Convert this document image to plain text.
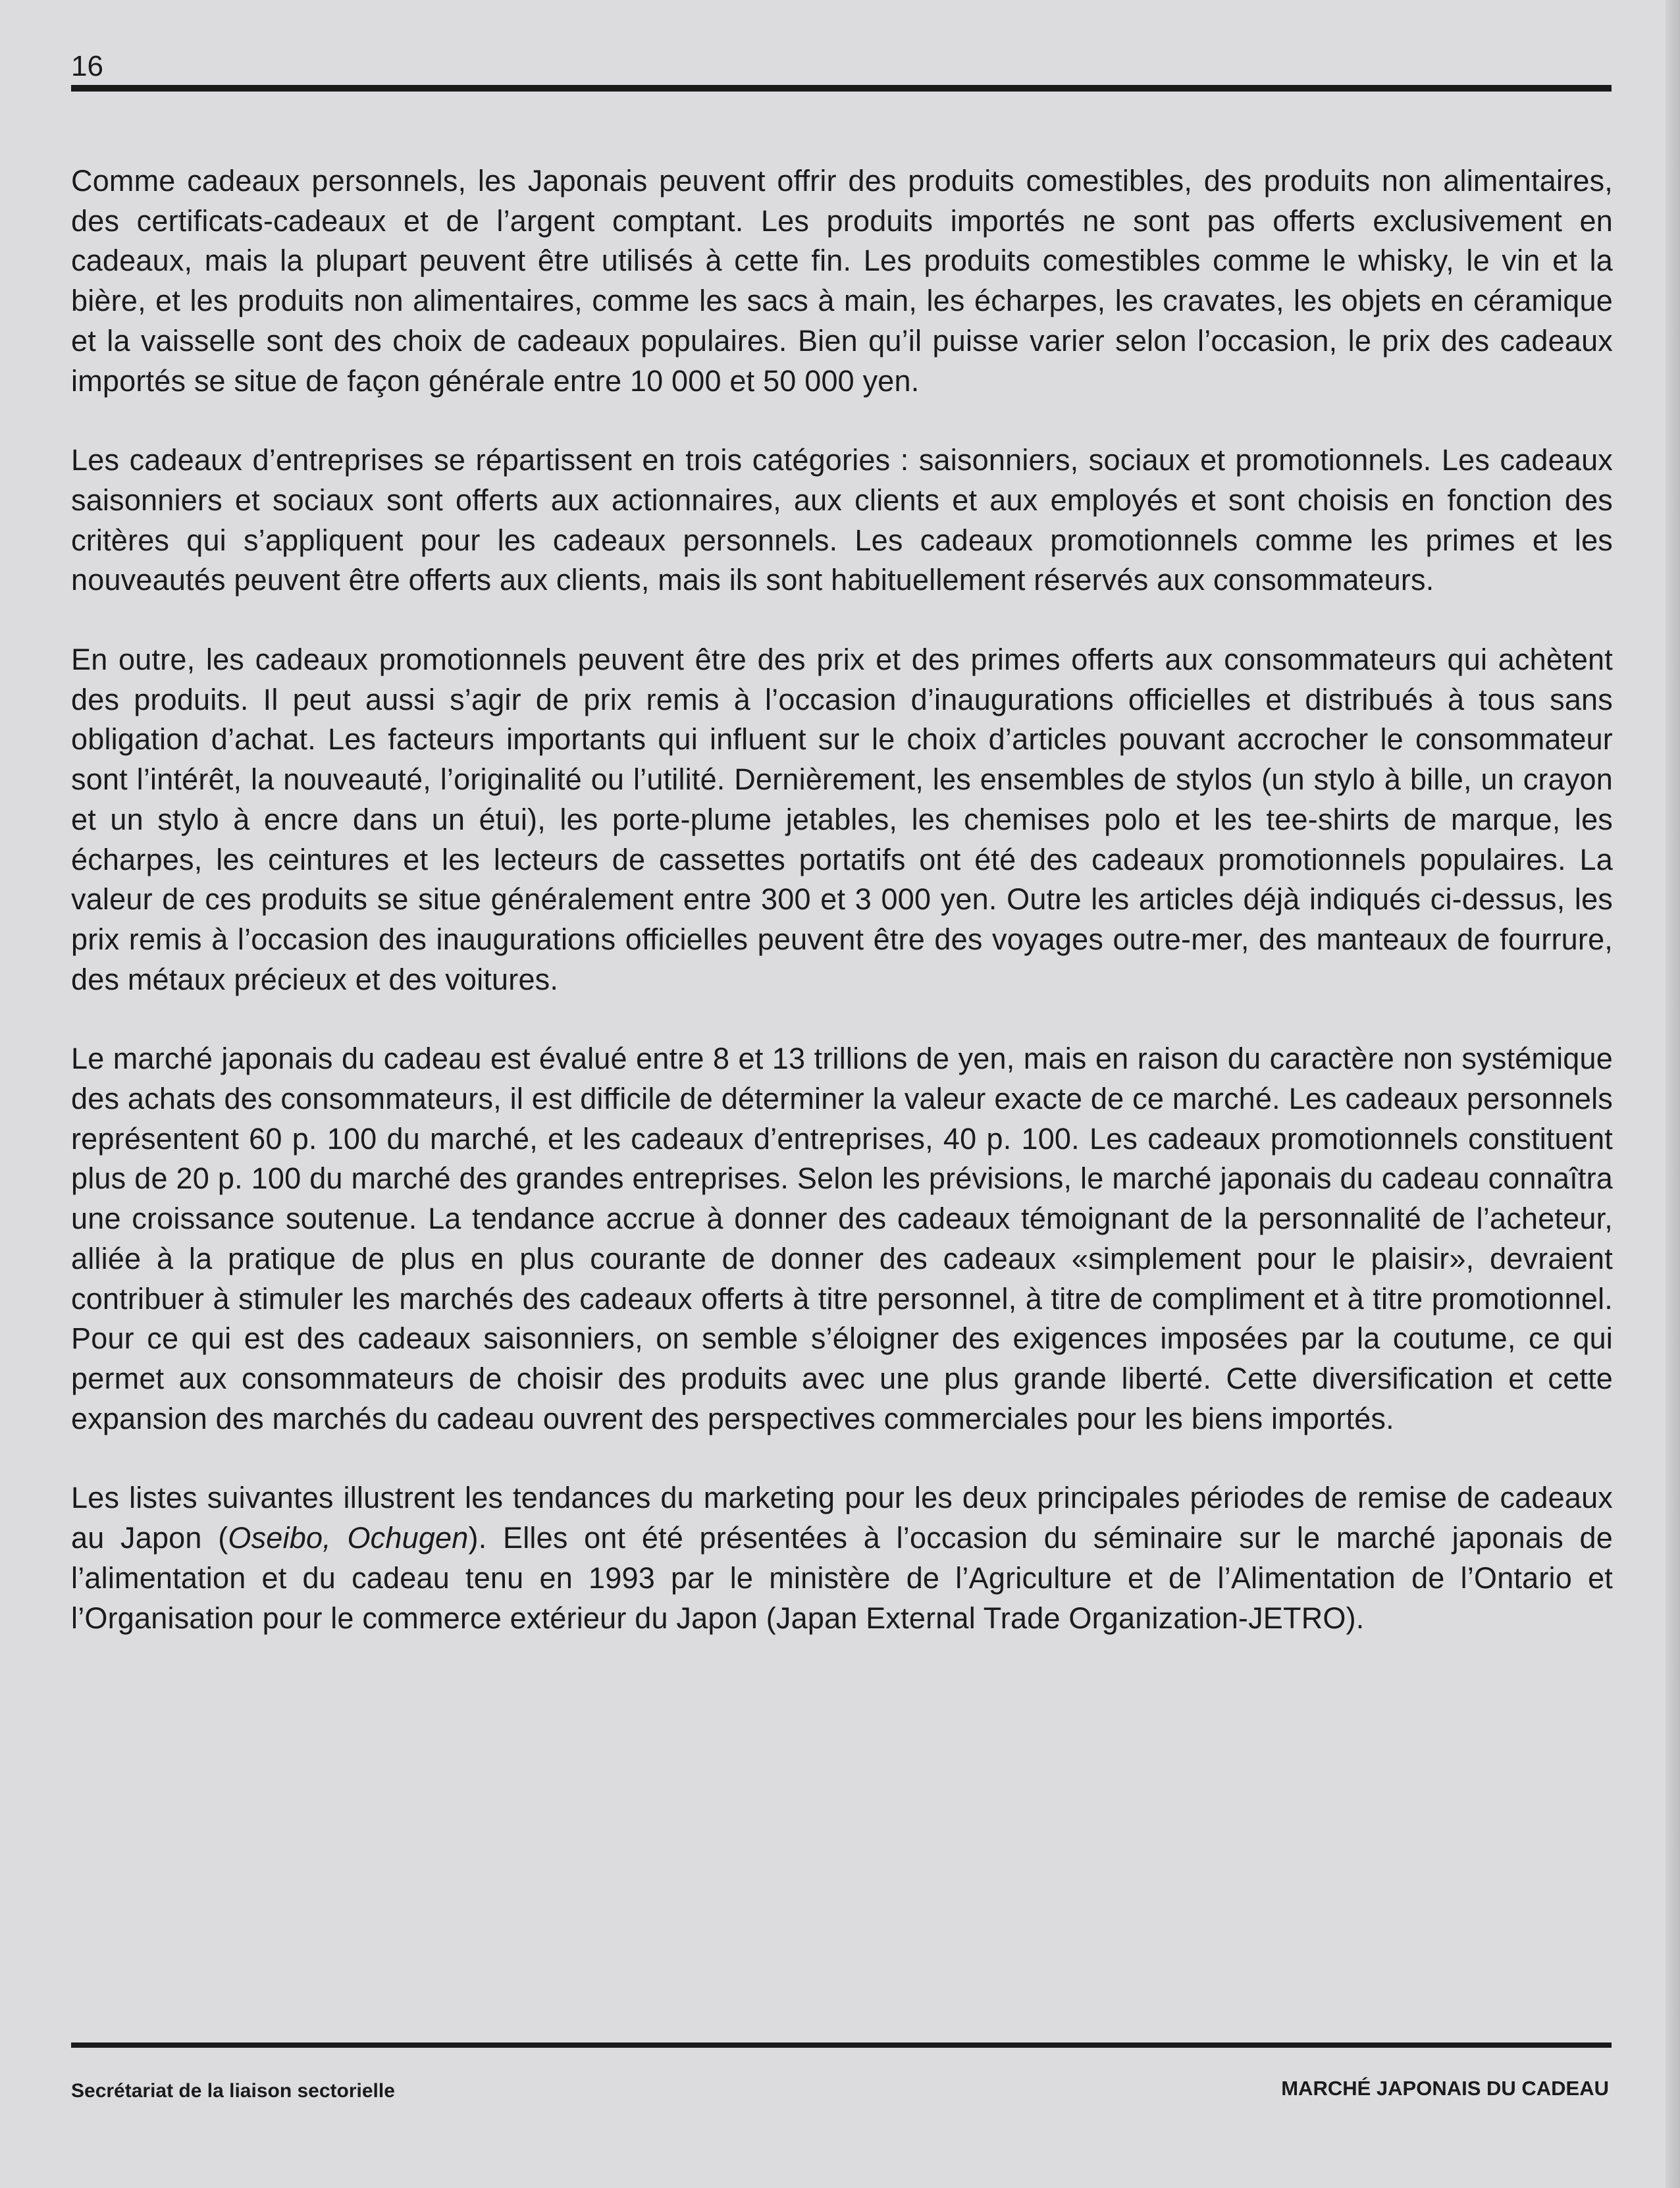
16

Comme cadeaux personnels, les Japonais peuvent offrir des produits comestibles, des produits non alimentaires, des certificats-cadeaux et de l’argent comptant. Les produits importés ne sont pas offerts exclusivement en cadeaux, mais la plupart peuvent être utilisés à cette fin. Les produits comestibles comme le whisky, le vin et la bière, et les produits non alimentaires, comme les sacs à main, les écharpes, les cravates, les objets en céramique et la vaisselle sont des choix de cadeaux populaires. Bien qu’il puisse varier selon l’occasion, le prix des cadeaux importés se situe de façon générale entre 10 000 et 50 000 yen.

Les cadeaux d’entreprises se répartissent en trois catégories : saisonniers, sociaux et promotionnels. Les cadeaux saisonniers et sociaux sont offerts aux actionnaires, aux clients et aux employés et sont choisis en fonction des critères qui s’appliquent pour les cadeaux personnels. Les cadeaux promotionnels comme les primes et les nouveautés peuvent être offerts aux clients, mais ils sont habituellement réservés aux consommateurs.

En outre, les cadeaux promotionnels peuvent être des prix et des primes offerts aux consommateurs qui achètent des produits. Il peut aussi s’agir de prix remis à l’occasion d’inaugurations officielles et distribués à tous sans obligation d’achat. Les facteurs importants qui influent sur le choix d’articles pouvant accrocher le consommateur sont l’intérêt, la nouveauté, l’originalité ou l’utilité. Dernièrement, les ensembles de stylos (un stylo à bille, un crayon et un stylo à encre dans un étui), les porte-plume jetables, les chemises polo et les tee-shirts de marque, les écharpes, les ceintures et les lecteurs de cassettes portatifs ont été des cadeaux promotionnels populaires. La valeur de ces produits se situe généralement entre 300 et 3 000 yen. Outre les articles déjà indiqués ci-dessus, les prix remis à l’occasion des inaugurations officielles peuvent être des voyages outre-mer, des manteaux de fourrure, des métaux précieux et des voitures.

Le marché japonais du cadeau est évalué entre 8 et 13 trillions de yen, mais en raison du caractère non systémique des achats des consommateurs, il est difficile de déterminer la valeur exacte de ce marché. Les cadeaux personnels représentent 60 p. 100 du marché, et les cadeaux d’entreprises, 40 p. 100. Les cadeaux promotionnels constituent plus de 20 p. 100 du marché des grandes entreprises. Selon les prévisions, le marché japonais du cadeau connaîtra une croissance soutenue. La tendance accrue à donner des cadeaux témoignant de la personnalité de l’acheteur, alliée à la pratique de plus en plus courante de donner des cadeaux «simplement pour le plaisir», devraient contribuer à stimuler les marchés des cadeaux offerts à titre personnel, à titre de compliment et à titre promotionnel. Pour ce qui est des cadeaux saisonniers, on semble s’éloigner des exigences imposées par la coutume, ce qui permet aux consommateurs de choisir des produits avec une plus grande liberté. Cette diversification et cette expansion des marchés du cadeau ouvrent des perspectives commerciales pour les biens importés.

Les listes suivantes illustrent les tendances du marketing pour les deux principales périodes de remise de cadeaux au Japon (Oseibo, Ochugen). Elles ont été présentées à l’occasion du séminaire sur le marché japonais de l’alimentation et du cadeau tenu en 1993 par le ministère de l’Agriculture et de l’Alimentation de l’Ontario et l’Organisation pour le commerce extérieur du Japon (Japan External Trade Organization-JETRO).

Secrétariat de la liaison sectorielle	MARCHÉ JAPONAIS DU CADEAU
